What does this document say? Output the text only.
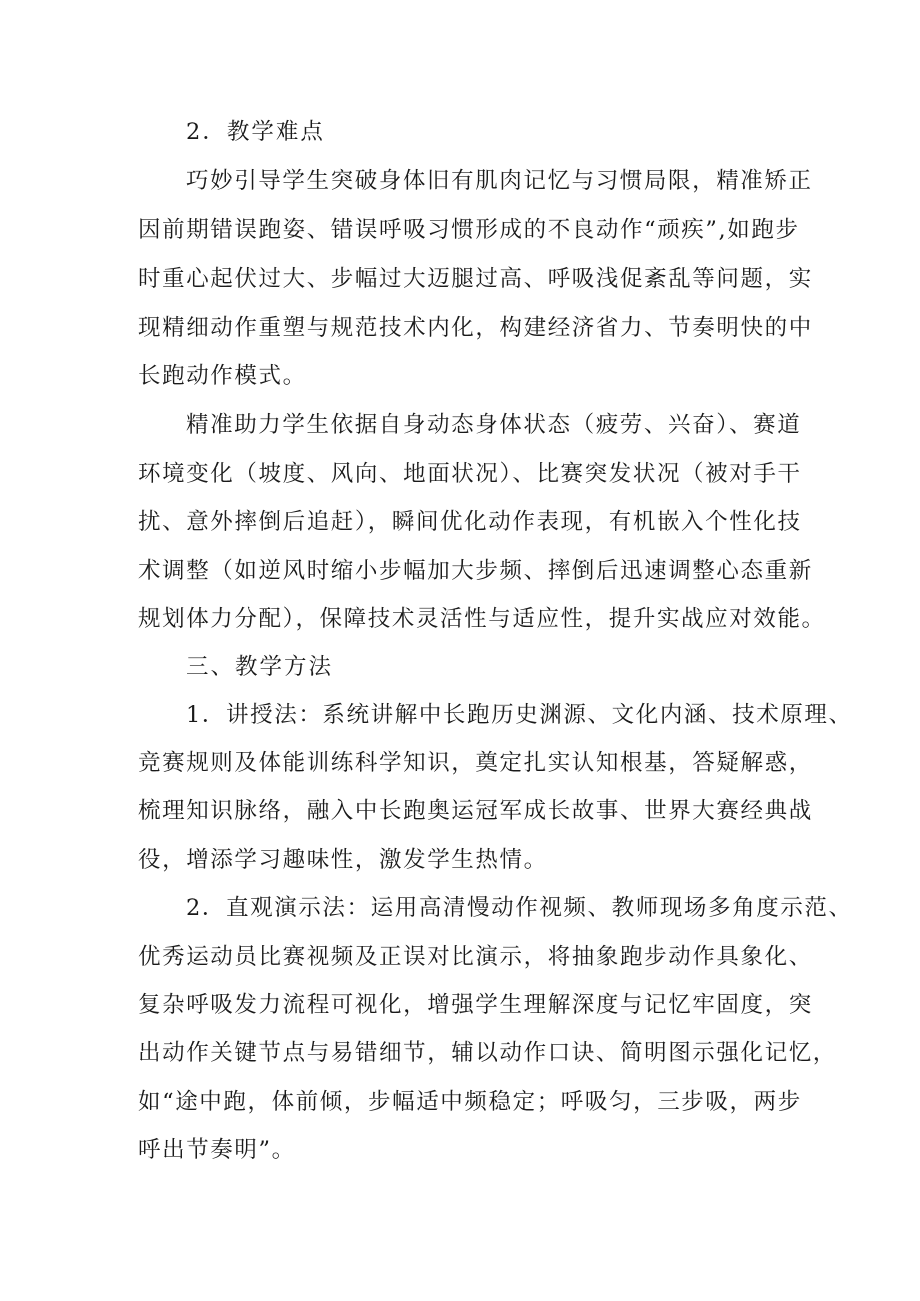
2．教学难点
巧妙引导学生突破身体旧有肌肉记忆与习惯局限，精准矫正
因前期错误跑姿、错误呼吸习惯形成的不良动作“顽疾”,如跑步
时重心起伏过大、步幅过大迈腿过高、呼吸浅促紊乱等问题，实
现精细动作重塑与规范技术内化，构建经济省力、节奏明快的中
长跑动作模式。
精准助力学生依据自身动态身体状态（疲劳、兴奋）、赛道
环境变化（坡度、风向、地面状况）、比赛突发状况（被对手干
扰、意外摔倒后追赶），瞬间优化动作表现，有机嵌入个性化技
术调整（如逆风时缩小步幅加大步频、摔倒后迅速调整心态重新
规划体力分配），保障技术灵活性与适应性，提升实战应对效能。
三、教学方法
1．讲授法：系统讲解中长跑历史渊源、文化内涵、技术原理、
竞赛规则及体能训练科学知识，奠定扎实认知根基，答疑解惑，
梳理知识脉络，融入中长跑奥运冠军成长故事、世界大赛经典战
役，增添学习趣味性，激发学生热情。
2．直观演示法：运用高清慢动作视频、教师现场多角度示范、
优秀运动员比赛视频及正误对比演示，将抽象跑步动作具象化、
复杂呼吸发力流程可视化，增强学生理解深度与记忆牢固度，突
出动作关键节点与易错细节，辅以动作口诀、简明图示强化记忆，
如“途中跑，体前倾，步幅适中频稳定；呼吸匀，三步吸，两步
呼出节奏明”。
